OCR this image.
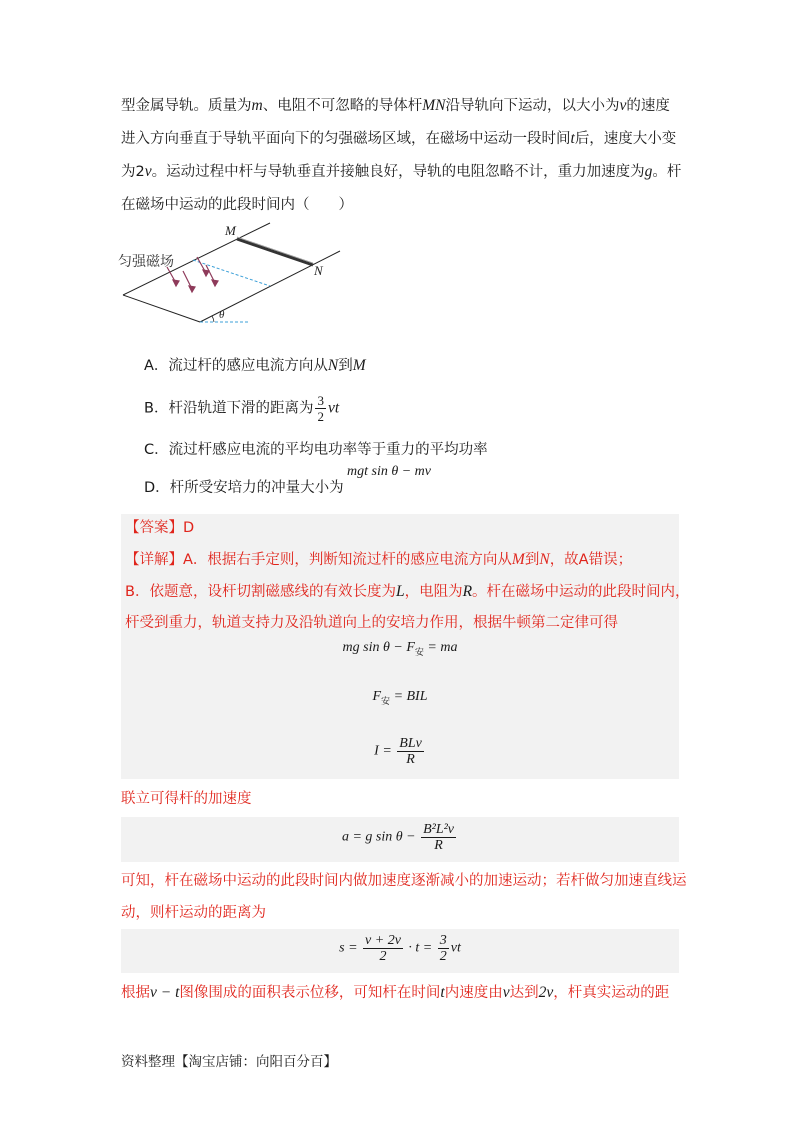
型金属导轨。质量为m、电阻不可忽略的导体杆MN沿导轨向下运动，以大小为v的速度
进入方向垂直于导轨平面向下的匀强磁场区域，在磁场中运动一段时间t后，速度大小变
为2v。运动过程中杆与导轨垂直并接触良好，导轨的电阻忽略不计，重力加速度为g。杆
在磁场中运动的此段时间内（　　）
匀强磁场
M
N
θ
A．流过杆的感应电流方向从N到M
B．杆沿轨道下滑的距离为 $\frac{3}{2}$ vt
C．流过杆感应电流的平均电功率等于重力的平均功率
D．杆所受安培力的冲量大小为
mgt sin θ − mv
【答案】D
【详解】A．根据右手定则，判断知流过杆的感应电流方向从M到N，故A错误；
B．依题意，设杆切割磁感线的有效长度为L，电阻为R。杆在磁场中运动的此段时间内，
杆受到重力，轨道支持力及沿轨道向上的安培力作用，根据牛顿第二定律可得
mg $\sin \theta - F_安$ = ma
$F_安$ = BIL
$I = \frac{\text{BLv}}{R}$
联立可得杆的加速度
a = g $\sin \theta - \frac{\text{B²L²v}}{R}$
可知，杆在磁场中运动的此段时间内做加速度逐渐减小的加速运动；若杆做匀加速直线运
动，则杆运动的距离为
$s = \frac{v + 2v}{2} \cdot t = \frac{3}{2}$ vt
根据v − t图像围成的面积表示位移，可知杆在时间t内速度由v达到2v，杆真实运动的距
资料整理【淘宝店铺：向阳百分百】
